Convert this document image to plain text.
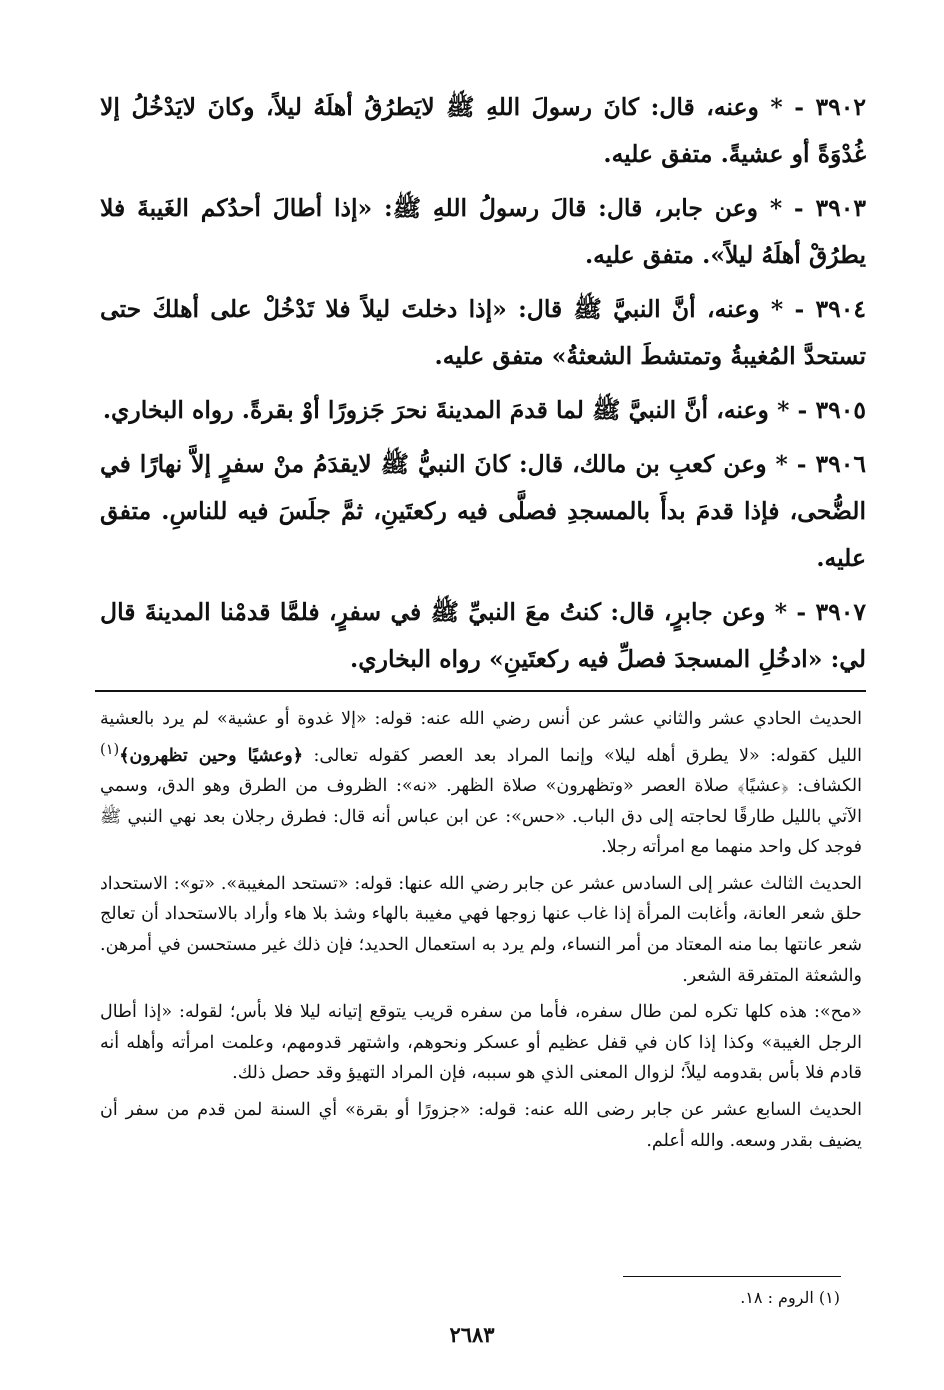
٣٩٠٢ - * وعنه، قال: كانَ رسولَ اللهِ ﷺ لايَطرُقُ أهلَهُ ليلاً، وكانَ لايَدْخُلُ إلا غُدْوَةً أو عشيةً. متفق عليه.

٣٩٠٣ - * وعن جابر، قال: قالَ رسولُ اللهِ ﷺ: «إذا أطالَ أحدُكم الغَيبةَ فلا يطرُقْ أهلَهُ ليلاً». متفق عليه.

٣٩٠٤ - * وعنه، أنَّ النبيَّ ﷺ قال: «إذا دخلتَ ليلاً فلا تَدْخُلْ على أهلكَ حتى تستحدَّ المُغيبةُ وتمتشطَ الشعثةُ» متفق عليه.

٣٩٠٥ - * وعنه، أنَّ النبيَّ ﷺ لما قدمَ المدينةَ نحرَ جَزورًا أوْ بقرةً. رواه البخاري.

٣٩٠٦ - * وعن كعبِ بن مالك، قال: كانَ النبيُّ ﷺ لايقدَمُ منْ سفرٍ إلاَّ نهارًا في الضُّحى، فإذا قدمَ بدأَ بالمسجدِ فصلَّى فيه ركعتَينِ، ثمَّ جلَسَ فيه للناسِ. متفق عليه.

٣٩٠٧ - * وعن جابرٍ، قال: كنتُ معَ النبيِّ ﷺ في سفرٍ، فلمَّا قدمْنا المدينةَ قال لي: «ادخُلِ المسجدَ فصلِّ فيه ركعتَينِ» رواه البخاري.

الحديث الحادي عشر والثاني عشر عن أنس رضي الله عنه: قوله: «إلا غدوة أو عشية» لم يرد بالعشية الليل كقوله: «لا يطرق أهله ليلا» وإنما المراد بعد العصر كقوله تعالى: ﴿وعشيًا وحين تظهرون﴾$^{(١)}$ الكشاف: ﴿عشيًا﴾ صلاة العصر «وتظهرون» صلاة الظهر. «نه»: الظروف من الطرق وهو الدق، وسمي الآتي بالليل طارقًا لحاجته إلى دق الباب. «حس»: عن ابن عباس أنه قال: فطرق رجلان بعد نهي النبي ﷺ فوجد كل واحد منهما مع امرأته رجلا.

الحديث الثالث عشر إلى السادس عشر عن جابر رضي الله عنها: قوله: «تستحد المغيبة». «تو»: الاستحداد حلق شعر العانة، وأغابت المرأة إذا غاب عنها زوجها فهي مغيبة بالهاء وشذ بلا هاء وأراد بالاستحداد أن تعالج شعر عانتها بما منه المعتاد من أمر النساء، ولم يرد به استعمال الحديد؛ فإن ذلك غير مستحسن في أمرهن. والشعثة المتفرقة الشعر.

«مح»: هذه كلها تكره لمن طال سفره، فأما من سفره قريب يتوقع إتيانه ليلا فلا بأس؛ لقوله: «إذا أطال الرجل الغيبة» وكذا إذا كان في قفل عظيم أو عسكر ونحوهم، واشتهر قدومهم، وعلمت امرأته وأهله أنه قادم فلا بأس بقدومه ليلاً؛ لزوال المعنى الذي هو سببه، فإن المراد التهيؤ وقد حصل ذلك.

الحديث السابع عشر عن جابر رضى الله عنه: قوله: «جزورًا أو بقرة» أي السنة لمن قدم من سفر أن يضيف بقدر وسعه. والله أعلم.

(١) الروم : ١٨.
٢٦٨٣
